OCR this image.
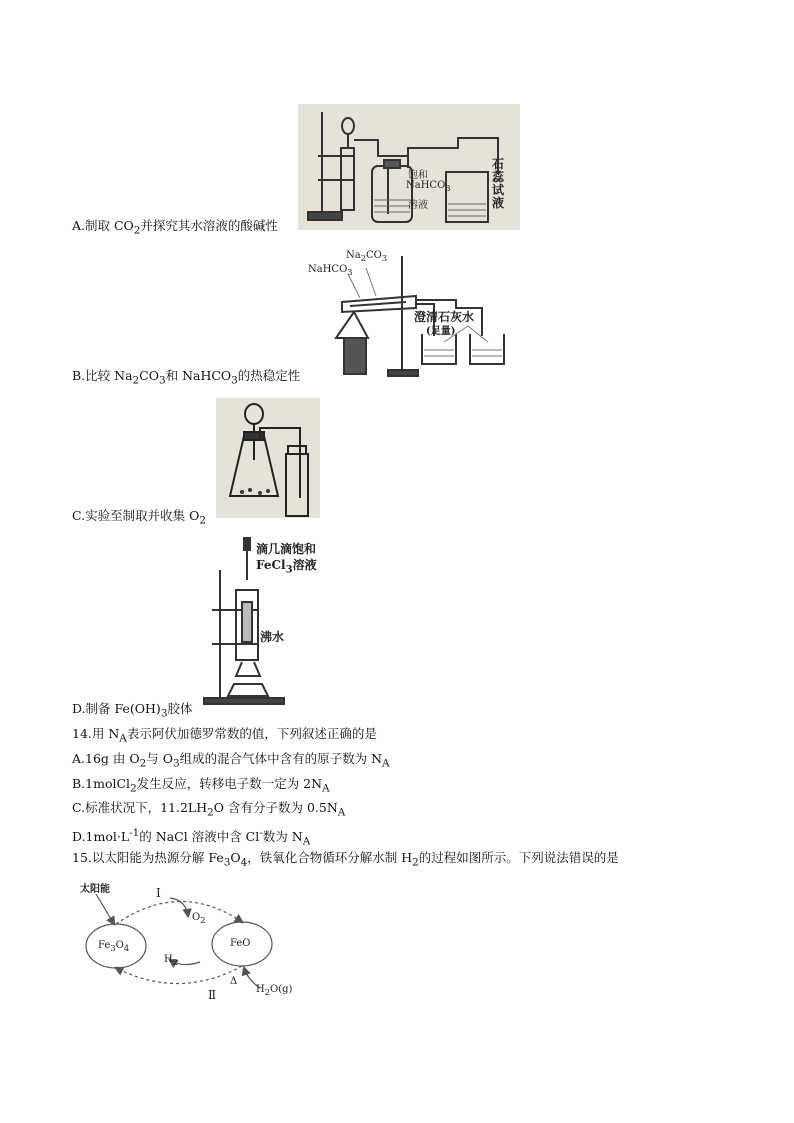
饱和
NaHCO$_3$
溶液
石蕊试液
A.制取 $CO_2$并探究其水溶液的酸碱性
$Na_2CO_3$
NaHCO$_3$
澄清石灰水
(足量)
B.比较 $Na_2CO_3$和 NaHCO$_3$的热稳定性
C.实验至制取并收集 $O_2$
滴几滴饱和
FeCl$_3$溶液
沸水
D.制备 $Fe(OH)_3$胶体
14.用 $N_A$表示阿伏加德罗常数的值，下列叙述正确的是
A.16g 由 $O_2$与 $O_3$组成的混合气体中含有的原子数为 $N_A$
B.1molCl$_2$发生反应，转移电子数一定为 $2N_A$
C.标准状况下，$11.2LH_2O$ 含有分子数为 $0.5N_A$
$D.1mol\cdot L^{-1}$的 NaCl 溶液中含 Cl-数为 $N_A$
15.以太阳能为热源分解 $Fe_3O_4$，铁氧化合物循环分解水制 $H_2$的过程如图所示。下列说法错误的是
太阳能	Ⅰ
$O_2$
$Fe_3O_4$	FeO
$H_2$
Δ
Ⅱ	$H_2O(g)$
